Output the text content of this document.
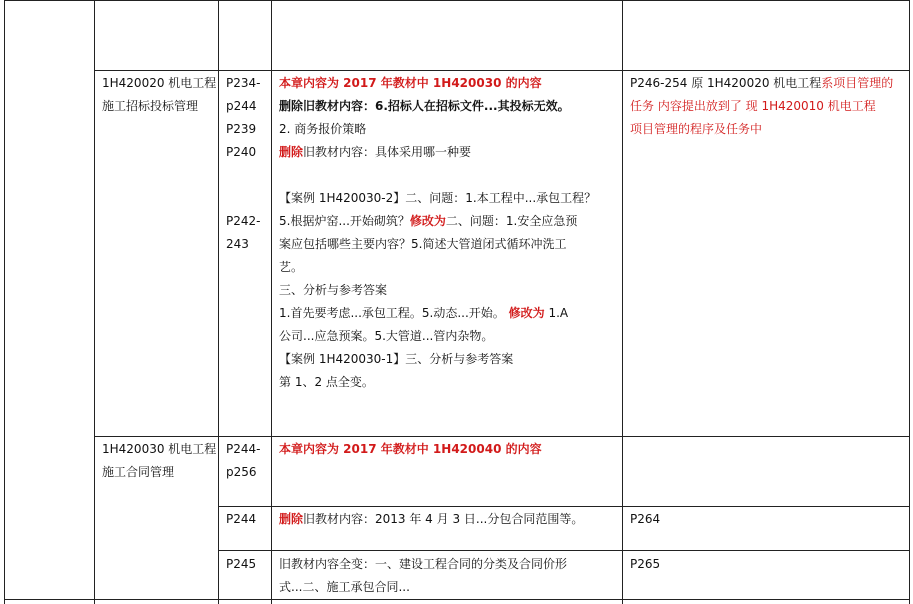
1H420020 机电工程
施工招标投标管理
P234-
p244
P239
P240

P242-
243
本章内容为 2017 年教材中 1H420030 的内容
删除旧教材内容：6.招标人在招标文件...其投标无效。
2. 商务报价策略
删除旧教材内容：具体采用哪一种要

【案例 1H420030-2】二、问题：1.本工程中...承包工程？
5.根据炉窑...开始砌筑？修改为二、问题：1.安全应急预
案应包括哪些主要内容？5.简述大管道闭式循环冲洗工
艺。
三、分析与参考答案
1.首先要考虑...承包工程。5.动态...开始。 修改为 1.A
公司...应急预案。5.大管道...管内杂物。
【案例 1H420030-1】三、分析与参考答案
第 1、2 点全变。
P246-254 原 1H420020 机电工程系项目管理的
任务 内容提出放到了 现 1H420010 机电工程
项目管理的程序及任务中
1H420030 机电工程
施工合同管理
P244-
p256
本章内容为 2017 年教材中 1H420040 的内容
P244 删除旧教材内容：2013 年 4 月 3 日...分包合同范围等。	P264
P245 旧教材内容全变：一、建设工程合同的分类及合同价形
式...二、施工承包合同...
P265
